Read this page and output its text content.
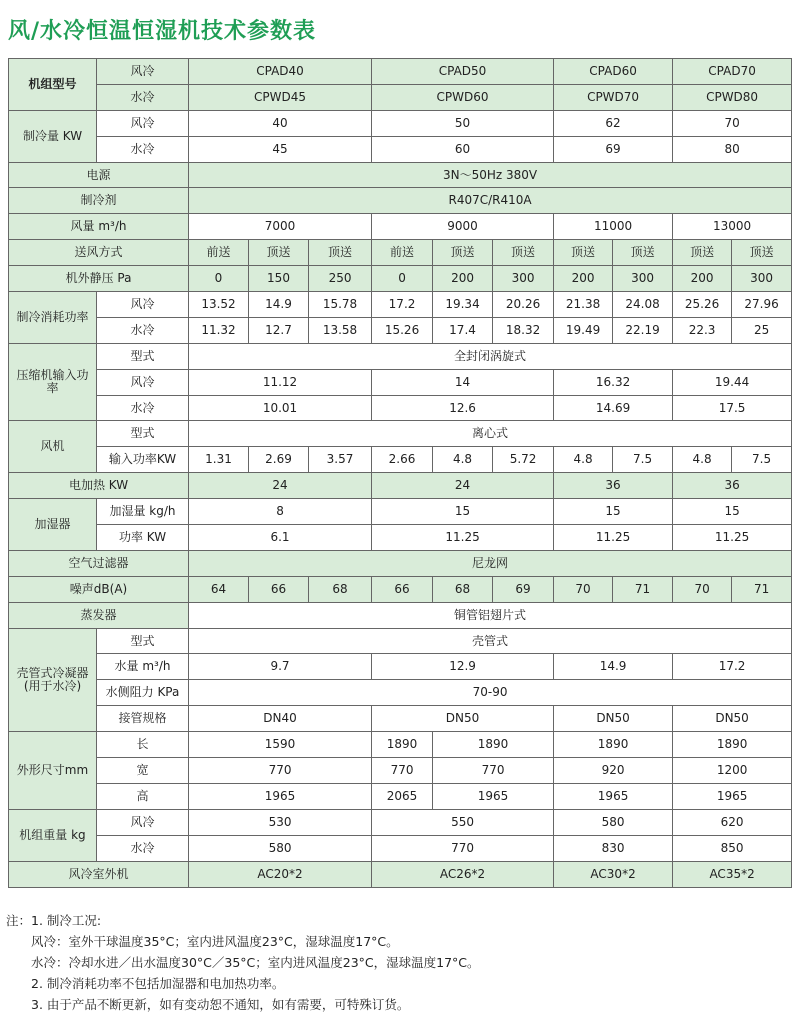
风/水冷恒温恒湿机技术参数表
机组型号	风冷	CPAD40			CPAD50			CPAD60		CPAD70	
	水冷	CPWD45			CPWD60			CPWD70		CPWD80	
制冷量 KW	风冷	40			50			62		70	
	水冷	45			60			69		80	
电源		3N～50Hz 380V									
制冷剂		R407C/R410A									
风量 m³/h		7000			9000			11000		13000	
送风方式		前送	顶送	顶送	前送	顶送	顶送	顶送	顶送	顶送	顶送
机外静压 Pa		0	150	250	0	200	300	200	300	200	300
制冷消耗功率	风冷	13.52	14.9	15.78	17.2	19.34	20.26	21.38	24.08	25.26	27.96
	水冷	11.32	12.7	13.58	15.26	17.4	18.32	19.49	22.19	22.3	25
压缩机输入功率	型式	全封闭涡旋式									
	风冷	11.12			14			16.32		19.44	
	水冷	10.01			12.6			14.69		17.5	
风机	型式	离心式									
	输入功率KW	1.31	2.69	3.57	2.66	4.8	5.72	4.8	7.5	4.8	7.5
电加热 KW		24			24			36		36	
加湿器	加湿量 kg/h	8			15			15		15	
	功率 KW	6.1			11.25			11.25		11.25	
空气过滤器		尼龙网									
噪声dB(A)		64	66	68	66	68	69	70	71	70	71
蒸发器		铜管铝翅片式									
壳管式冷凝器(用于水冷)	型式	壳管式									
	水量 m³/h	9.7			12.9			14.9		17.2	
	水侧阻力 KPa	70-90									
	接管规格	DN40			DN50			DN50		DN50	
外形尺寸mm	长	1590			1890	1890		1890		1890	
	宽	770			770	770		920		1200	
	高	1965			2065	1965		1965		1965	
机组重量 kg	风冷	530			550			580		620	
	水冷	580			770			830		850	
风冷室外机		AC20*2			AC26*2			AC30*2		AC35*2	
注：1. 制冷工况:
风冷：室外干球温度35°C；室内进风温度23°C，湿球温度17°C。
水冷：冷却水进／出水温度30°C／35°C；室内进风温度23°C，湿球温度17°C。
2. 制冷消耗功率不包括加湿器和电加热功率。
3. 由于产品不断更新，如有变动恕不通知，如有需要，可特殊订货。
